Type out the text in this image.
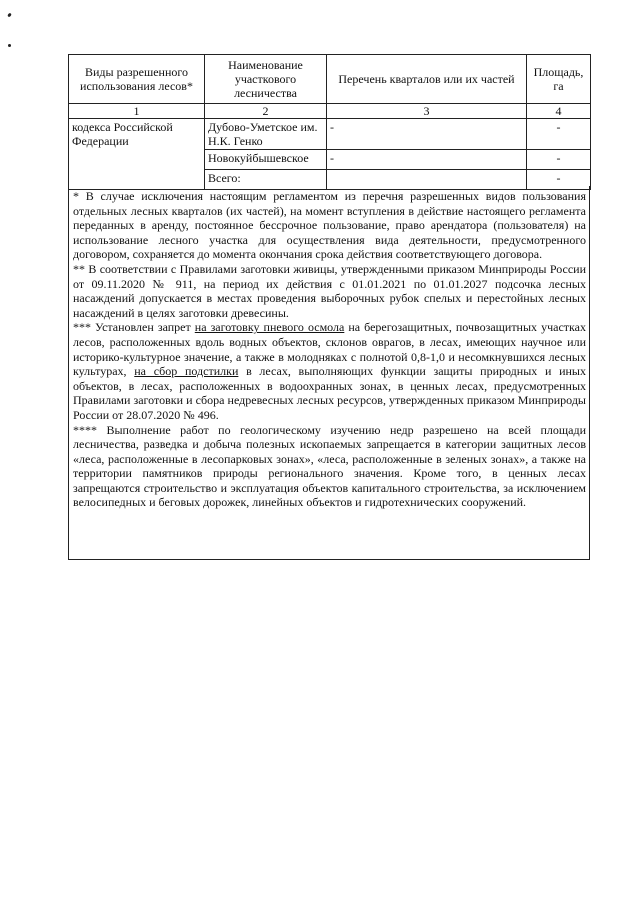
Виды разрешенного использования лесов*	Наименование участкового лесничества	Перечень кварталов или их частей	Площадь, га
1	2	3	4
кодекса Российской Федерации	Дубово-Уметское им. Н.К. Генко	-	-
	Новокуйбышевское	-	-
	Всего:		-

* В случае исключения настоящим регламентом из перечня разрешенных видов пользования отдельных лесных кварталов (их частей), на момент вступления в действие настоящего регламента переданных в аренду, постоянное бессрочное пользование, право арендатора (пользователя) на использование лесного участка для осуществления вида деятельности, предусмотренного договором, сохраняется до момента окончания срока действия соответствующего договора.

** В соответствии с Правилами заготовки живицы, утвержденными приказом Минприроды России от 09.11.2020 № 911, на период их действия с 01.01.2021 по 01.01.2027 подсочка лесных насаждений допускается в местах проведения выборочных рубок спелых и перестойных лесных насаждений в целях заготовки древесины.

*** Установлен запрет на заготовку пневого осмола на берегозащитных, почвозащитных участках лесов, расположенных вдоль водных объектов, склонов оврагов, в лесах, имеющих научное или историко-культурное значение, а также в молодняках с полнотой 0,8-1,0 и несомкнувшихся лесных культурах, на сбор подстилки в лесах, выполняющих функции защиты природных и иных объектов, в лесах, расположенных в водоохранных зонах, в ценных лесах, предусмотренных Правилами заготовки и сбора недревесных лесных ресурсов, утвержденных приказом Минприроды России от 28.07.2020 № 496.

**** Выполнение работ по геологическому изучению недр разрешено на всей площади лесничества, разведка и добыча полезных ископаемых запрещается в категории защитных лесов «леса, расположенные в лесопарковых зонах», «леса, расположенные в зеленых зонах», а также на территории памятников природы регионального значения. Кроме того, в ценных лесах запрещаются строительство и эксплуатация объектов капитального строительства, за исключением велосипедных и беговых дорожек, линейных объектов и гидротехнических сооружений.
